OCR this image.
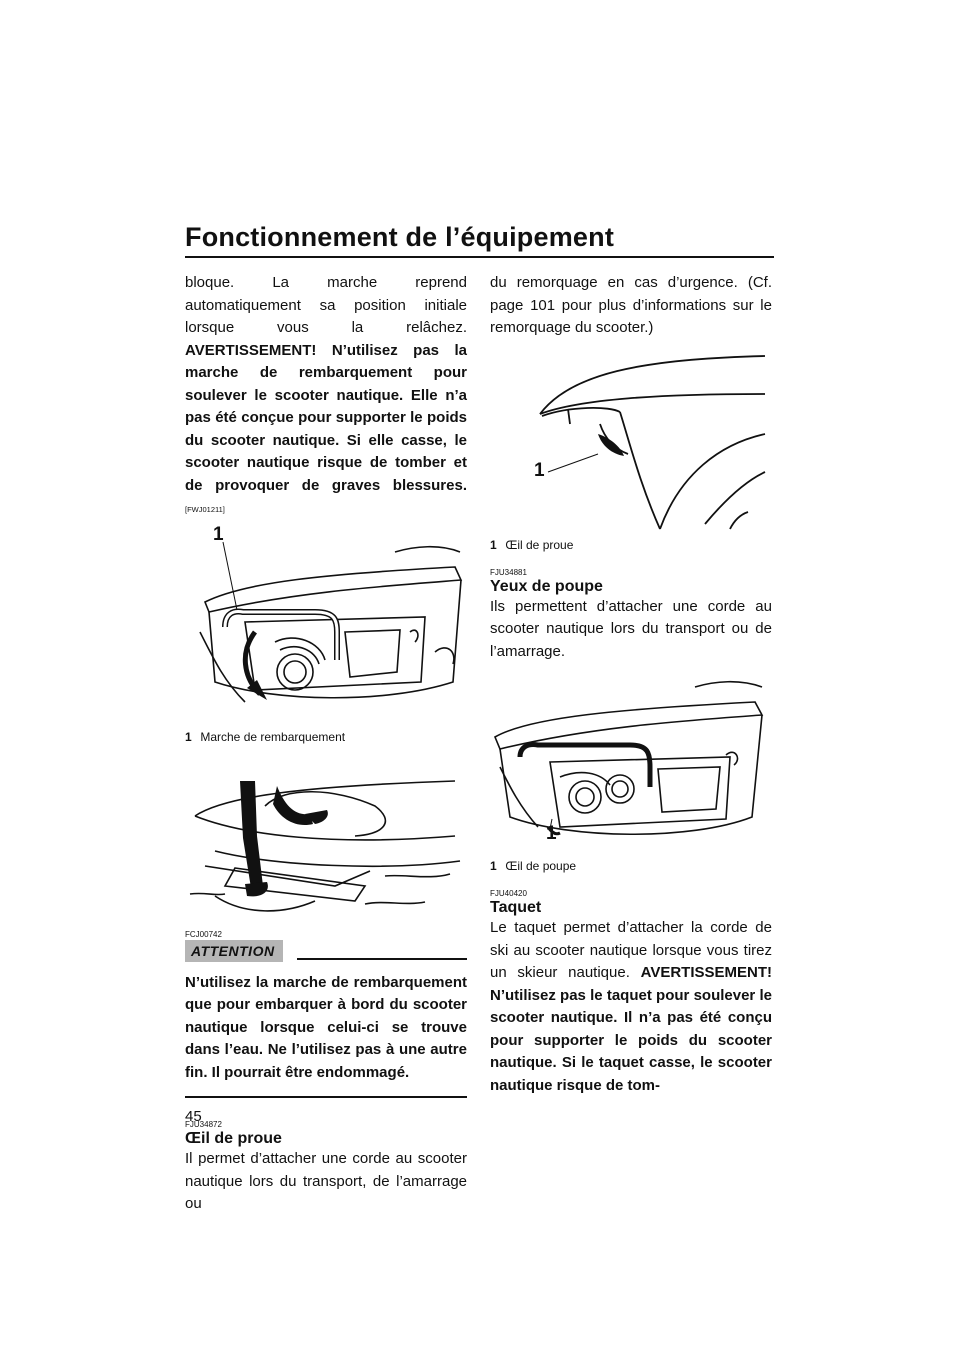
Fonctionnement de l’équipement

bloque. La marche reprend automatiquement sa position initiale lorsque vous la relâchez. AVERTISSEMENT! N’utilisez pas la marche de rembarquement pour soulever le scooter nautique. Elle n’a pas été conçue pour supporter le poids du scooter nautique. Si elle casse, le scooter nautique risque de tomber et de provoquer de graves blessures. [FWJ01211]

1
1 Marche de rembarquement
FCJ00742
ATTENTION

N’utilisez la marche de rembarquement que pour embarquer à bord du scooter nautique lorsque celui-ci se trouve dans l’eau. Ne l’utilisez pas à une autre fin. Il pourrait être endommagé.

FJU34872
Œil de proue

Il permet d’attacher une corde au scooter nautique lors du transport, de l’amarrage ou

du remorquage en cas d’urgence. (Cf. page 101 pour plus d’informations sur le remorquage du scooter.)

1
1 Œil de proue
FJU34881
Yeux de poupe

Ils permettent d’attacher une corde au scooter nautique lors du transport ou de l’amarrage.

1
1 Œil de poupe
FJU40420
Taquet

Le taquet permet d’attacher la corde de ski au scooter nautique lorsque vous tirez un skieur nautique. AVERTISSEMENT! N’utilisez pas le taquet pour soulever le scooter nautique. Il n’a pas été conçu pour supporter le poids du scooter nautique. Si le taquet casse, le scooter nautique risque de tom-

45
